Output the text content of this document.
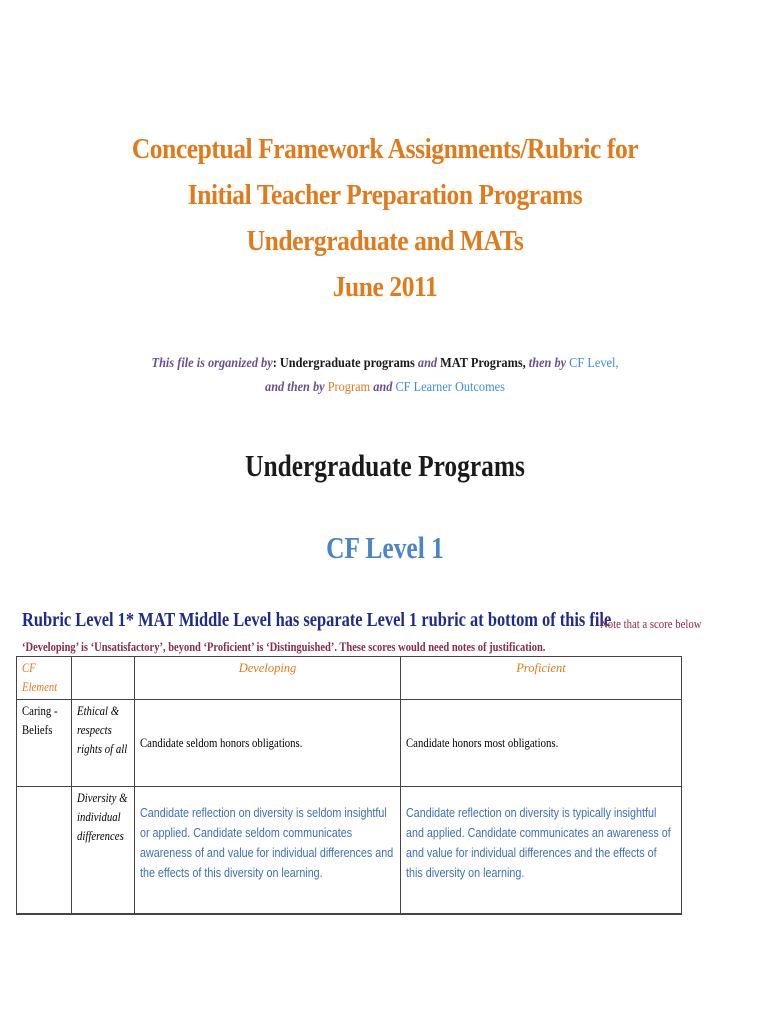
Conceptual Framework Assignments/Rubric for
Initial Teacher Preparation Programs
Undergraduate and MATs
June 2011
This file is organized by: Undergraduate programs and MAT Programs, then by CF Level,
and then by Program and CF Learner Outcomes
Undergraduate Programs
CF Level 1
Rubric Level 1* MAT Middle Level has separate Level 1 rubric at bottom of this file
Note that a score below
‘Developing’ is ‘Unsatisfactory’, beyond ‘Proficient’ is ‘Distinguished’. These scores would need notes of justification.
CF Element		Developing	Proficient

Caring - Beliefs	Ethical & respects rights of all	Candidate seldom honors obligations.	Candidate honors most obligations.
	Diversity & individual differences	Candidate reflection on diversity is seldom insightful or applied. Candidate seldom communicates awareness of and value for individual differences and the effects of this diversity on learning.	Candidate reflection on diversity is typically insightful and applied. Candidate communicates an awareness of and value for individual differences and the effects of this diversity on learning.
